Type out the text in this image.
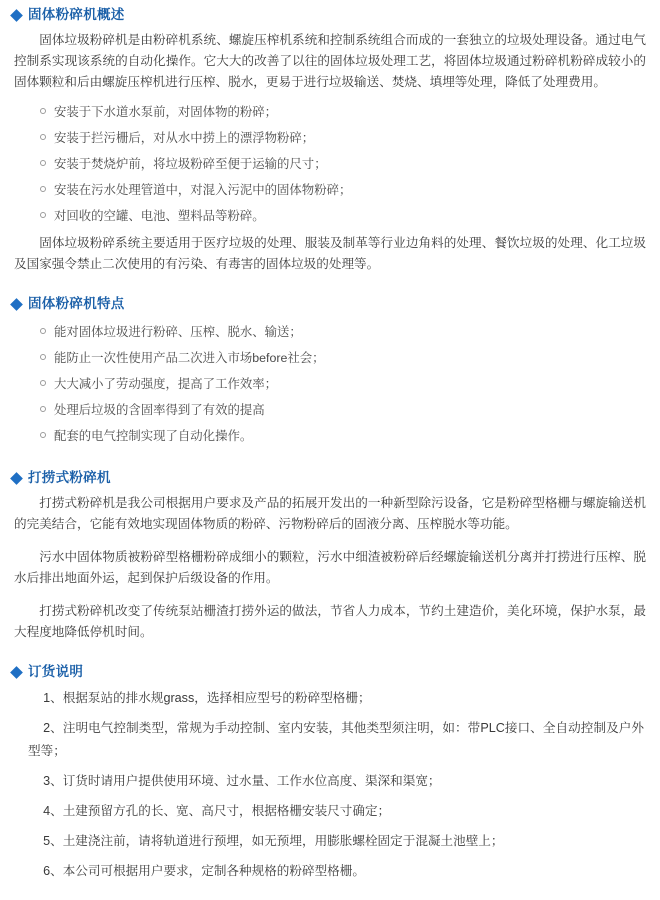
固体粉碎机概述

固体垃圾粉碎机是由粉碎机系统、螺旋压榨机系统和控制系统组合而成的一套独立的垃圾处理设备。通过电气控制系实现该系统的自动化操作。它大大的改善了以往的固体垃圾处理工艺，将固体垃圾通过粉碎机粉碎成较小的固体颗粒和后由螺旋压榨机进行压榨、脱水，更易于进行垃圾输送、焚烧、填埋等处理，降低了处理费用。

安装于下水道水泵前，对固体物的粉碎；
安装于拦污栅后，对从水中捞上的漂浮物粉碎；
安装于焚烧炉前，将垃圾粉碎至便于运输的尺寸；
安装在污水处理管道中，对混入污泥中的固体物粉碎；
对回收的空罐、电池、塑料品等粉碎。

固体垃圾粉碎系统主要适用于医疗垃圾的处理、服装及制革等行业边角料的处理、餐饮垃圾的处理、化工垃圾及国家强令禁止二次使用的有污染、有毒害的固体垃圾的处理等。

固体粉碎机特点
能对固体垃圾进行粉碎、压榨、脱水、输送；
能防止一次性使用产品二次进入市场before社会；
大大减小了劳动强度，提高了工作效率；
处理后垃圾的含固率得到了有效的提高
配套的电气控制实现了自动化操作。
打捞式粉碎机

打捞式粉碎机是我公司根据用户要求及产品的拓展开发出的一种新型除污设备，它是粉碎型格栅与螺旋输送机的完美结合，它能有效地实现固体物质的粉碎、污物粉碎后的固液分离、压榨脱水等功能。

污水中固体物质被粉碎型格栅粉碎成细小的颗粒，污水中细渣被粉碎后经螺旋输送机分离并打捞进行压榨、脱水后排出地面外运，起到保护后级设备的作用。

打捞式粉碎机改变了传统泵站栅渣打捞外运的做法，节省人力成本，节约土建造价，美化环境，保护水泵，最大程度地降低停机时间。

订货说明
1、根据泵站的排水规grass，选择相应型号的粉碎型格栅；
2、注明电气控制类型，常规为手动控制、室内安装，其他类型须注明，如：带PLC接口、全自动控制及户外型等；
3、订货时请用户提供使用环境、过水量、工作水位高度、渠深和渠宽；
4、土建预留方孔的长、宽、高尺寸，根据格栅安装尺寸确定；
5、土建浇注前，请将轨道进行预埋，如无预埋，用膨胀螺栓固定于混凝土池壁上；
6、本公司可根据用户要求，定制各种规格的粉碎型格栅。
